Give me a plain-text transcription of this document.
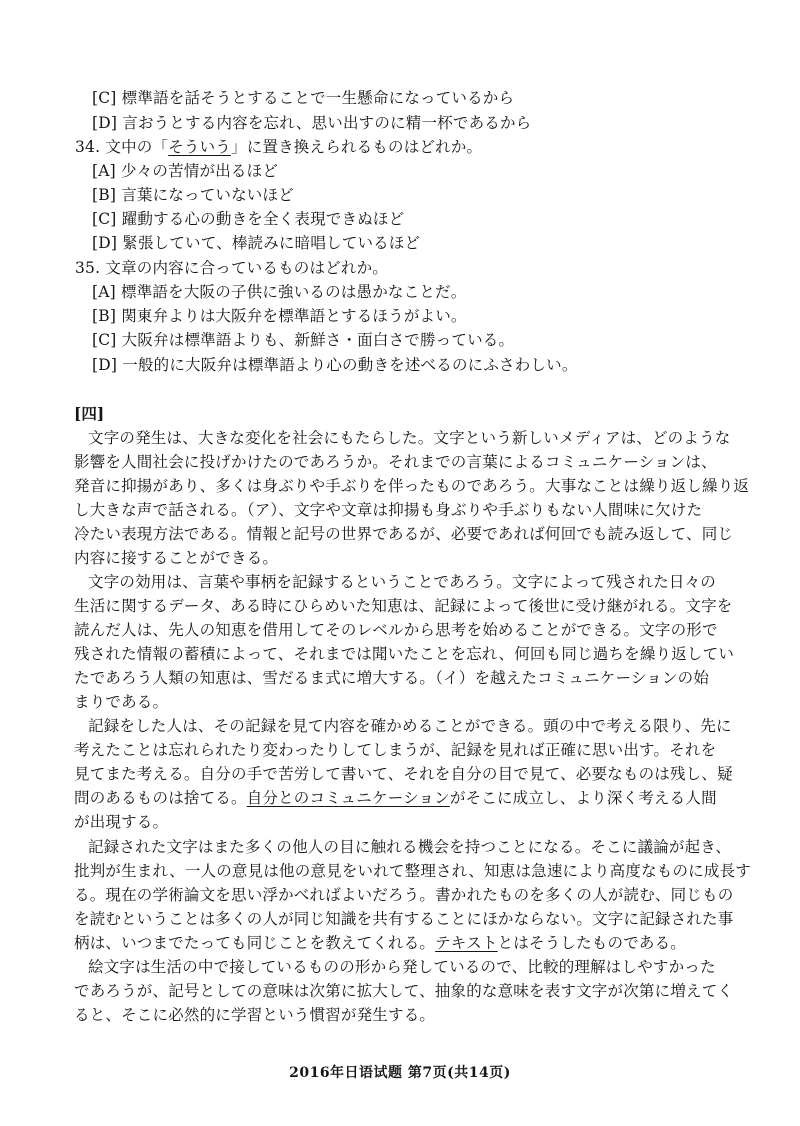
[C] 標準語を話そうとすることで一生懸命になっているから
[D] 言おうとする内容を忘れ、思い出すのに精一杯であるから
34. 文中の「そういう」に置き換えられるものはどれか。
[A] 少々の苦情が出るほど
[B] 言葉になっていないほど
[C] 躍動する心の動きを全く表現できぬほど
[D] 緊張していて、棒読みに暗唱しているほど
35. 文章の内容に合っているものはどれか。
[A] 標準語を大阪の子供に強いるのは愚かなことだ。
[B] 関東弁よりは大阪弁を標準語とするほうがよい。
[C] 大阪弁は標準語よりも、新鮮さ・面白さで勝っている。
[D] 一般的に大阪弁は標準語より心の動きを述べるのにふさわしい。
[四]
文字の発生は、大きな変化を社会にもたらした。文字という新しいメディアは、どのような
影響を人間社会に投げかけたのであろうか。それまでの言葉によるコミュニケーションは、
発音に抑揚があり、多くは身ぶりや手ぶりを伴ったものであろう。大事なことは繰り返し繰り返
し大きな声で話される。（ア）、文字や文章は抑揚も身ぶりや手ぶりもない人間味に欠けた
冷たい表現方法である。情報と記号の世界であるが、必要であれば何回でも読み返して、同じ
内容に接することができる。
文字の効用は、言葉や事柄を記録するということであろう。文字によって残された日々の
生活に関するデータ、ある時にひらめいた知恵は、記録によって後世に受け継がれる。文字を
読んだ人は、先人の知恵を借用してそのレベルから思考を始めることができる。文字の形で
残された情報の蓄積によって、それまでは聞いたことを忘れ、何回も同じ過ちを繰り返してい
たであろう人類の知恵は、雪だるま式に増大する。（イ）を越えたコミュニケーションの始
まりである。
記録をした人は、その記録を見て内容を確かめることができる。頭の中で考える限り、先に
考えたことは忘れられたり変わったりしてしまうが、記録を見れば正確に思い出す。それを
見てまた考える。自分の手で苦労して書いて、それを自分の目で見て、必要なものは残し、疑
問のあるものは捨てる。自分とのコミュニケーションがそこに成立し、より深く考える人間
が出現する。
記録された文字はまた多くの他人の目に触れる機会を持つことになる。そこに議論が起き、
批判が生まれ、一人の意見は他の意見をいれて整理され、知恵は急速により高度なものに成長す
る。現在の学術論文を思い浮かべればよいだろう。書かれたものを多くの人が読む、同じもの
を読むということは多くの人が同じ知識を共有することにほかならない。文字に記録された事
柄は、いつまでたっても同じことを教えてくれる。テキストとはそうしたものである。
絵文字は生活の中で接しているものの形から発しているので、比較的理解はしやすかった
であろうが、記号としての意味は次第に拡大して、抽象的な意味を表す文字が次第に増えてく
ると、そこに必然的に学習という慣習が発生する。
2016年日语试题 第7页(共14页)
